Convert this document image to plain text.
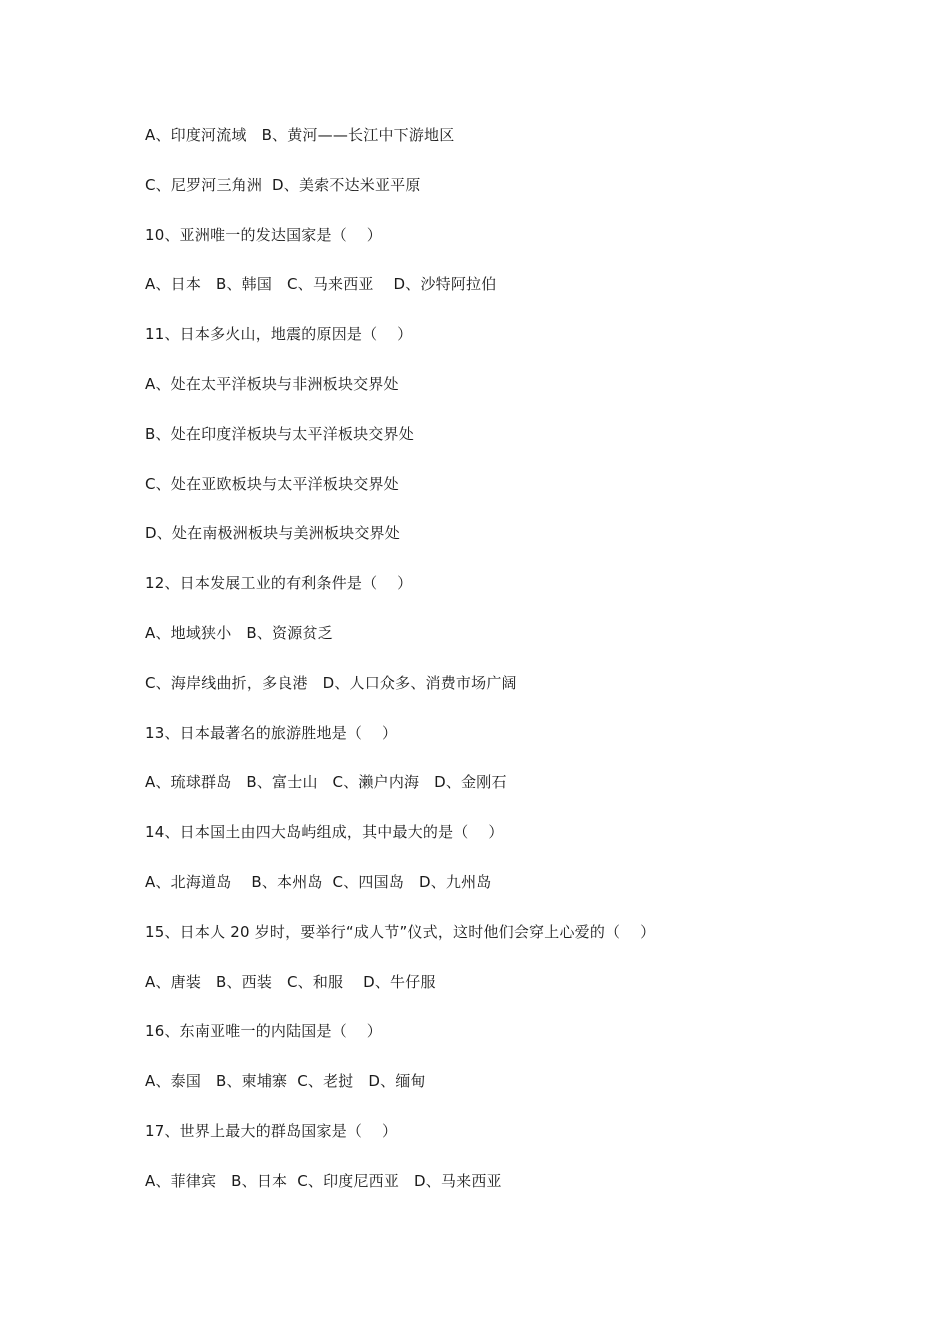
A、印度河流域   B、黄河——长江中下游地区
C、尼罗河三角洲  D、美索不达米亚平原
10、亚洲唯一的发达国家是（    ）
A、日本   B、韩国   C、马来西亚    D、沙特阿拉伯
11、日本多火山，地震的原因是（    ）
A、处在太平洋板块与非洲板块交界处
B、处在印度洋板块与太平洋板块交界处
C、处在亚欧板块与太平洋板块交界处
D、处在南极洲板块与美洲板块交界处
12、日本发展工业的有利条件是（    ）
A、地域狭小   B、资源贫乏
C、海岸线曲折，多良港   D、人口众多、消费市场广阔
13、日本最著名的旅游胜地是（    ）
A、琉球群岛   B、富士山   C、濑户内海   D、金刚石
14、日本国土由四大岛屿组成，其中最大的是（    ）
A、北海道岛    B、本州岛  C、四国岛   D、九州岛
15、日本人 20 岁时，要举行“成人节”仪式，这时他们会穿上心爱的（    ）
A、唐装   B、西装   C、和服    D、牛仔服
16、东南亚唯一的内陆国是（    ）
A、泰国   B、柬埔寨  C、老挝   D、缅甸
17、世界上最大的群岛国家是（    ）
A、菲律宾   B、日本  C、印度尼西亚   D、马来西亚
